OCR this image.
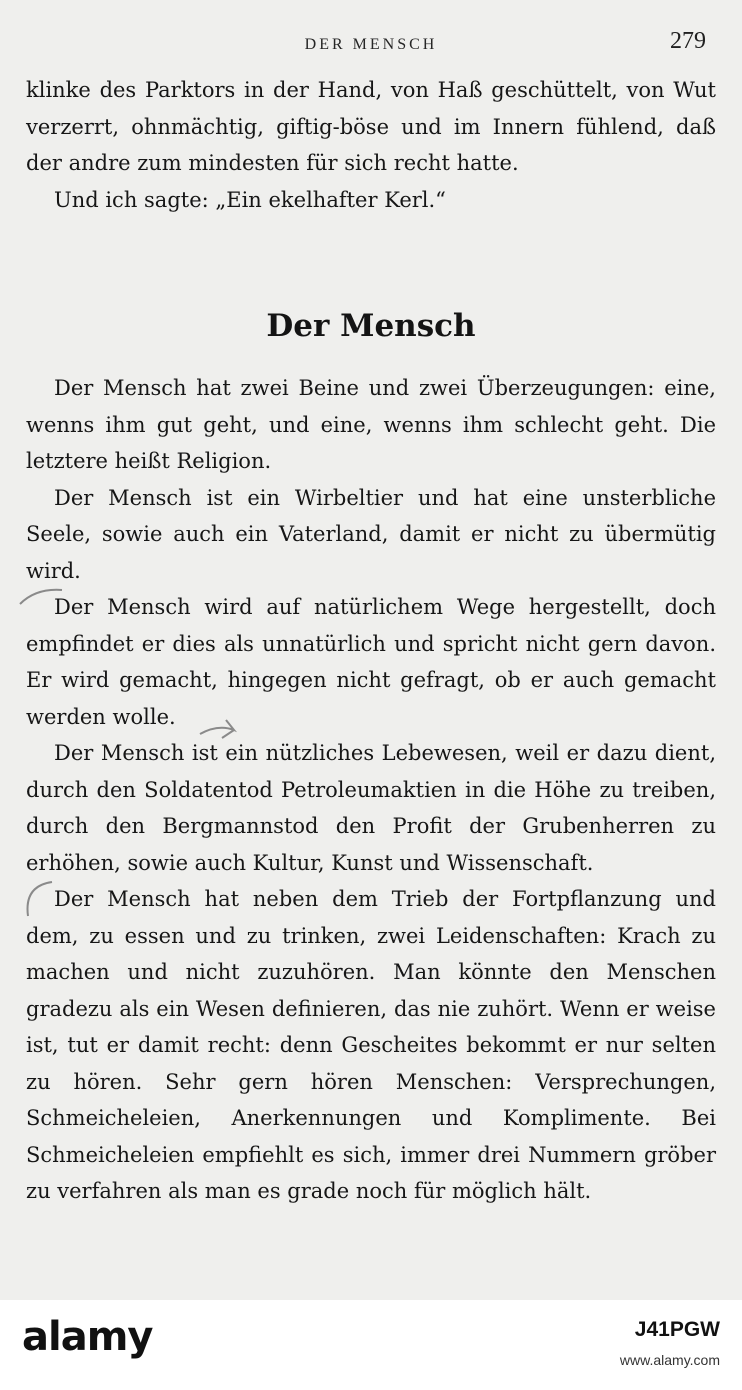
DER MENSCH	279

klinke des Parktors in der Hand, von Haß geschüttelt, von Wut verzerrt, ohnmächtig, giftig-böse und im Innern fühlend, daß der andre zum mindesten für sich recht hatte.

Und ich sagte: „Ein ekelhafter Kerl.“

Der Mensch

Der Mensch hat zwei Beine und zwei Überzeugungen: eine, wenns ihm gut geht, und eine, wenns ihm schlecht geht. Die letztere heißt Religion.

Der Mensch ist ein Wirbeltier und hat eine unsterbliche Seele, sowie auch ein Vaterland, damit er nicht zu übermütig wird.

Der Mensch wird auf natürlichem Wege hergestellt, doch empfindet er dies als unnatürlich und spricht nicht gern davon. Er wird gemacht, hingegen nicht gefragt, ob er auch gemacht werden wolle.

Der Mensch ist ein nützliches Lebewesen, weil er dazu dient, durch den Soldatentod Petroleumaktien in die Höhe zu treiben, durch den Bergmannstod den Profit der Grubenherren zu erhöhen, sowie auch Kultur, Kunst und Wissenschaft.

Der Mensch hat neben dem Trieb der Fortpflanzung und dem, zu essen und zu trinken, zwei Leidenschaften: Krach zu machen und nicht zuzuhören. Man könnte den Menschen gradezu als ein Wesen definieren, das nie zuhört. Wenn er weise ist, tut er damit recht: denn Gescheites bekommt er nur selten zu hören. Sehr gern hören Menschen: Versprechungen, Schmeicheleien, Anerkennungen und Komplimente. Bei Schmeicheleien empfiehlt es sich, immer drei Nummern gröber zu verfahren als man es grade noch für möglich hält.

alamy	J41PGW
www.alamy.com
